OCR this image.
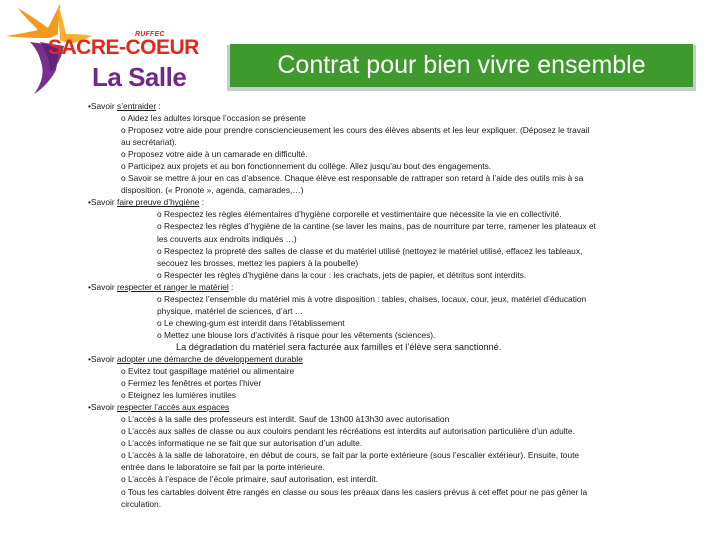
RUFFEC
SACRE-COEUR
La Salle	Contrat pour bien vivre ensemble

•Savoir s’entraider :

o Aidez les adultes lorsque l’occasion se présente

o Proposez votre aide pour prendre consciencieusement les cours des élèves absents et les leur expliquer. (Déposez le travail

au secrétariat).

o Proposez votre aide à un camarade en difficulté.

o Participez aux projets et au bon fonctionnement du collège. Allez jusqu’au bout des engagements.

o Savoir se mettre à jour en cas d’absence. Chaque élève est responsable de rattraper son retard à l’aide des outils mis à sa

disposition. (« Pronote », agenda, camarades,…)

•Savoir faire preuve d’hygiène :

o Respectez les règles élémentaires d’hygiène corporelle et vestimentaire que nécessite la vie en collectivité.

o Respectez les règles d’hygiène de la cantine (se laver les mains, pas de nourriture par terre, ramener les plateaux et

les couverts aux endroits indiqués …)

o Respectez la propreté des salles de classe et du matériel utilisé (nettoyez le matériel utilisé, effacez les tableaux,

secouez les brosses, mettez les papiers à la poubelle)

o Respecter les règles d’hygiène dans la cour : les crachats, jets de papier, et détritus sont interdits.

•Savoir respecter et ranger le matériel :

o Respectez l’ensemble du matériel mis à votre disposition : tables, chaises, locaux, cour, jeux, matériel d’éducation

physique, matériel de sciences, d’art …

o Le chewing-gum est interdit dans l’établissement

o Mettez une blouse lors d’activités à risque pour les vêtements (sciences).

La dégradation du matériel sera facturée aux familles et l’élève sera sanctionné.

•Savoir adopter une démarche de développement durable

o Evitez tout gaspillage matériel ou alimentaire

o Fermez les fenêtres et portes l’hiver

o Eteignez les lumières inutiles

•Savoir respecter l’accès aux espaces

o L’accès à la salle des professeurs est interdit. Sauf de 13h00 à13h30 avec autorisation

o L’accès aux salles de classe ou aux couloirs pendant les récréations est interdits auf autorisation particulière d’un adulte.

o L’accès informatique ne se fait que sur autorisation d’un adulte.

o L’accès à la salle de laboratoire, en début de cours, se fait par la porte extérieure (sous l’escalier extérieur). Ensuite, toute

entrée dans le laboratoire se fait par la porte intérieure.

o L’accès à l’espace de l’école primaire, sauf autorisation, est interdit.

o Tous les cartables doivent être rangés en classe ou sous les préaux dans les casiers prévus à cet effet pour ne pas gêner la

circulation.
